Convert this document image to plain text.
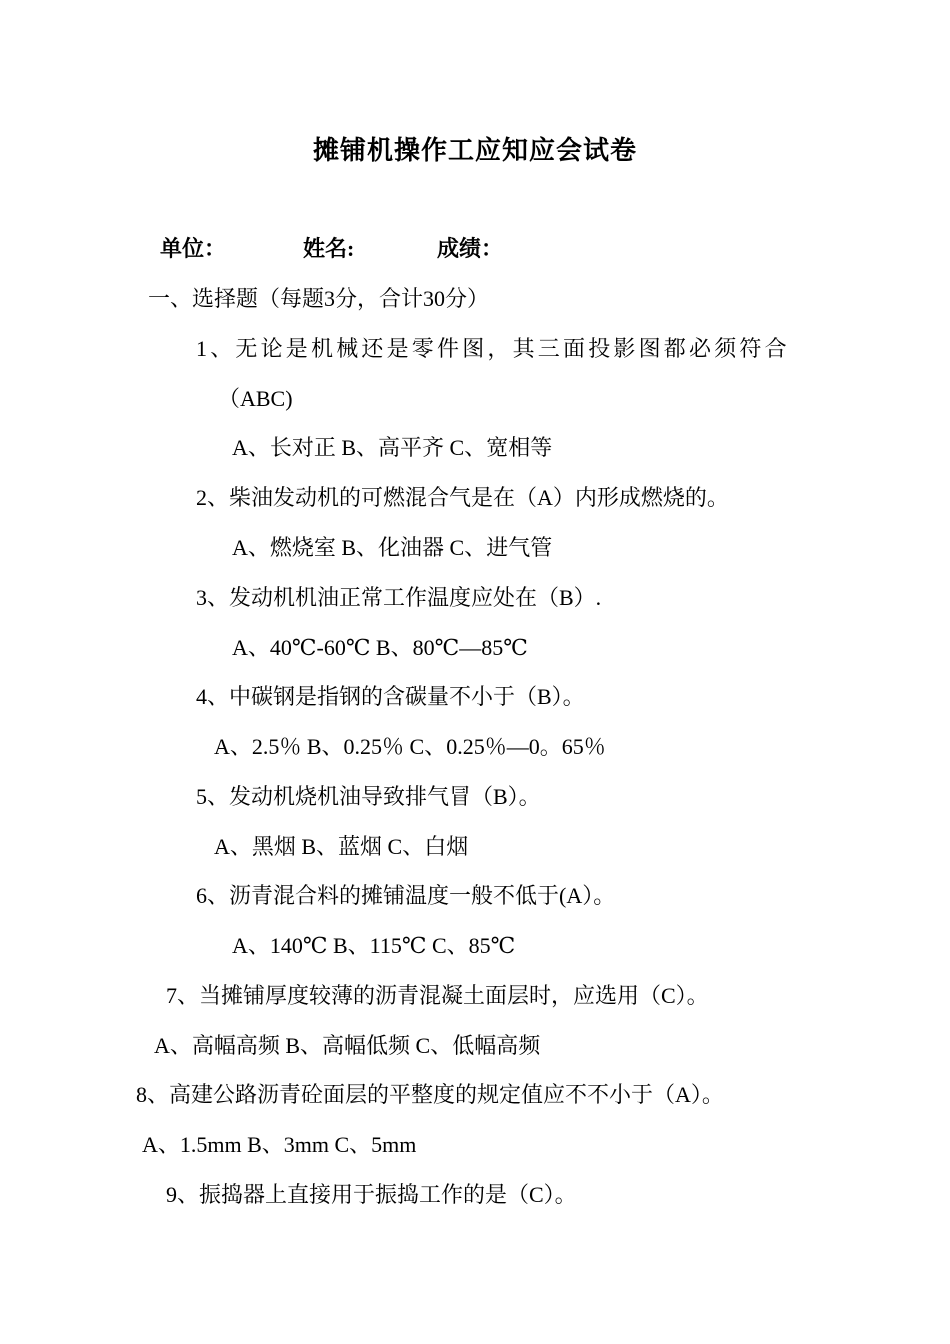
摊铺机操作工应知应会试卷
单位：	姓名:	成绩：
一、选择题（每题3分，合计30分）
1、无论是机械还是零件图，其三面投影图都必须符合
（ABC)
A、长对正 B、高平齐 C、宽相等
2、柴油发动机的可燃混合气是在（A）内形成燃烧的。
A、燃烧室 B、化油器 C、进气管
3、发动机机油正常工作温度应处在（B）.
A、40℃-60℃ B、80℃—85℃
4、中碳钢是指钢的含碳量不小于（B）。
A、2.5％ B、0.25％ C、0.25％—0。65％
5、发动机烧机油导致排气冒（B）。
A、黑烟 B、蓝烟 C、白烟
6、沥青混合料的摊铺温度一般不低于(A）。
A、140℃ B、115℃ C、85℃
7、当摊铺厚度较薄的沥青混凝土面层时，应选用（C）。
A、高幅高频 B、高幅低频 C、低幅高频
8、高建公路沥青砼面层的平整度的规定值应不不小于（A）。
A、1.5mm B、3mm C、5mm
9、振捣器上直接用于振捣工作的是（C）。
